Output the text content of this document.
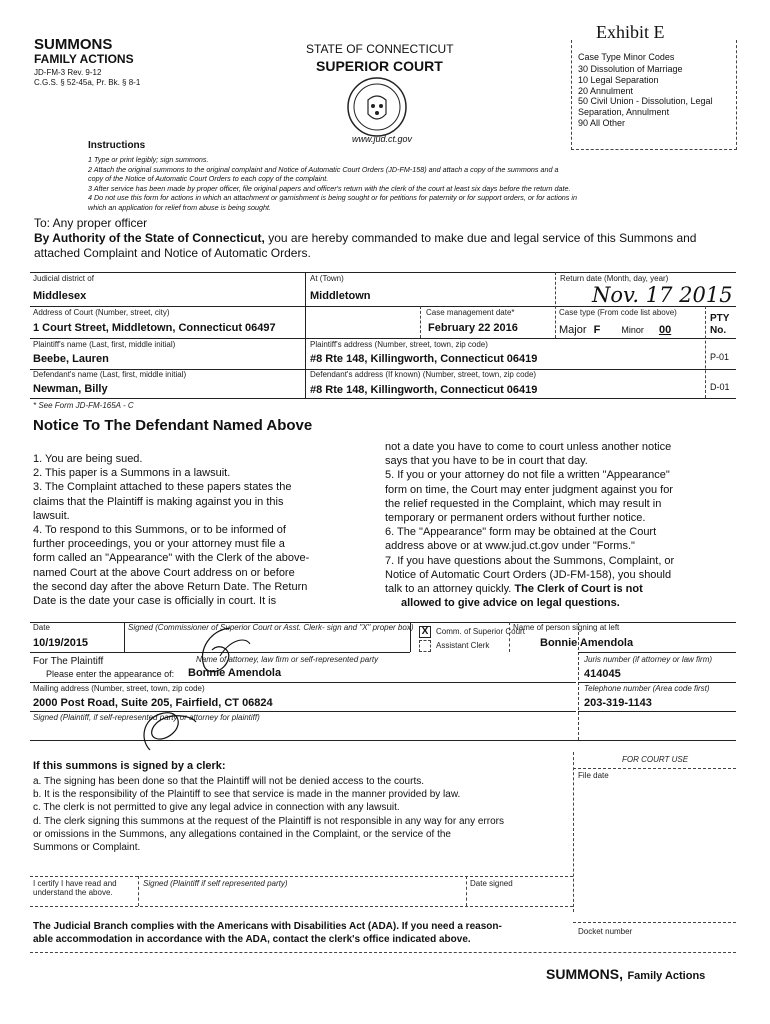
Exhibit E
SUMMONS
FAMILY ACTIONS
JD-FM-3 Rev. 9-12
C.G.S. § 52-45a, Pr. Bk. § 8-1
STATE OF CONNECTICUT
SUPERIOR COURT
www.jud.ct.gov
Case Type Minor Codes
30 Dissolution of Marriage
10 Legal Separation
20 Annulment
50 Civil Union - Dissolution, Legal
Separation, Annulment
90 All Other
Instructions
1 Type or print legibly; sign summons.
2 Attach the original summons to the original complaint and Notice of Automatic Court Orders (JD-FM-158) and attach a copy of the summons and a
copy of the Notice of Automatic Court Orders to each copy of the complaint.
3 After service has been made by proper officer, file original papers and officer's return with the clerk of the court at least six days before the return date.
4 Do not use this form for actions in which an attachment or garnishment is being sought or for petitions for paternity or for support orders, or for actions in
which an application for relief from abuse is being sought.
To: Any proper officer
By Authority of the State of Connecticut, you are hereby commanded to make due and legal service of this Summons and
attached Complaint and Notice of Automatic Orders.
Judicial district of
Middlesex
At (Town)
Middletown
Return date (Month, day, year)
Nov. 17 2015
Address of Court (Number, street, city)
1 Court Street, Middletown, Connecticut 06497
Case management date*
February 22 2016
Case type (From code list above)
Major F Minor 00
PTY No.
Plaintiff's name (Last, first, middle initial)
Beebe, Lauren
Plaintiff's address (Number, street, town, zip code)
#8 Rte 148, Killingworth, Connecticut 06419	P-01
Defendant's name (Last, first, middle initial)
Newman, Billy
Defendant's address (If known) (Number, street, town, zip code)
#8 Rte 148, Killingworth, Connecticut 06419	D-01
* See Form JD-FM-165A - C
Notice To The Defendant Named Above
1. You are being sued.
2. This paper is a Summons in a lawsuit.
3. The Complaint attached to these papers states the
claims that the Plaintiff is making against you in this
lawsuit.
4. To respond to this Summons, or to be informed of
further proceedings, you or your attorney must file a
form called an "Appearance" with the Clerk of the above-
named Court at the above Court address on or before
the second day after the above Return Date. The Return
Date is the date your case is officially in court. It is
not a date you have to come to court unless another notice
says that you have to be in court that day.
5. If you or your attorney do not file a written "Appearance"
form on time, the Court may enter judgment against you for
the relief requested in the Complaint, which may result in
temporary or permanent orders without further notice.
6. The "Appearance" form may be obtained at the Court
address above or at www.jud.ct.gov under "Forms."
7. If you have questions about the Summons, Complaint, or
Notice of Automatic Court Orders (JD-FM-158), you should
talk to an attorney quickly. The Clerk of Court is not
allowed to give advice on legal questions.
Date
10/19/2015
Signed (Commissioner of Superior Court or Asst. Clerk- sign and "X" proper box) X Comm. of Superior Court
Assistant Clerk
Name of person signing at left
Bonnie Amendola
For The Plaintiff
Please enter the appearance of:
Name of attorney, law firm or self-represented party
Bonnie Amendola
Juris number (if attorney or law firm)
414045
Mailing address (Number, street, town, zip code)
2000 Post Road, Suite 205, Fairfield, CT 06824
Telephone number (Area code first)
203-319-1143
Signed (Plaintiff, if self-represented party or attorney for plaintiff)
If this summons is signed by a clerk:
a. The signing has been done so that the Plaintiff will not be denied access to the courts.
b. It is the responsibility of the Plaintiff to see that service is made in the manner provided by law.
c. The clerk is not permitted to give any legal advice in connection with any lawsuit.
d. The clerk signing this summons at the request of the Plaintiff is not responsible in any way for any errors
or omissions in the Summons, any allegations contained in the Complaint, or the service of the
Summons or Complaint.
FOR COURT USE
File date
I certify I have read and understand the above.
Signed (Plaintiff if self represented party)	Date signed
The Judicial Branch complies with the Americans with Disabilities Act (ADA). If you need a reason-
able accommodation in accordance with the ADA, contact the clerk's office indicated above.
Docket number
SUMMONS, Family Actions
